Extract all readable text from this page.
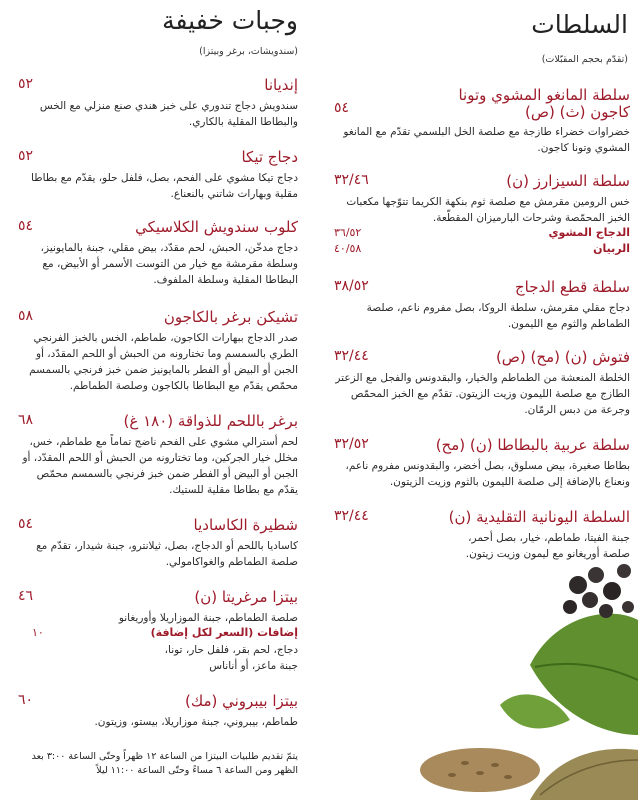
السلطات
(تقدّم بحجم المقبّلات)
سلطة المانغو المشوي وتونا
كاجون (ث) (ص)
٥٤

خضراوات خضراء طازجة مع صلصة الخل البلسمي تقدّم مع المانغو المشوي وتونا كاجون.

سلطة السيزارز (ن)
٣٢/٤٦

خس الرومين مقرمش مع صلصة ثوم بنكهة الكريما تتوّجها مكعبات الخبز المحمّصة وشرحات البارميزان المقطّعة.

الدجاج المشوي
٣٦/٥٢
الربيان
٤٠/٥٨
سلطة قطع الدجاج
٣٨/٥٢

دجاج مقلي مقرمش، سلطة الروكا، بصل مفروم ناعم، صلصة الطماطم والثوم مع الليمون.

فتوش (ن) (مح) (ص)
٣٢/٤٤

الخلطة المنعشة من الطماطم والخيار، والبقدونس والفجل مع الزعتر الطازج مع صلصة الليمون وزيت الزيتون. تقدّم مع الخبز المحمّص وجرعة من دبس الرمّان.

سلطة عربية بالبطاطا (ن) (مح)
٣٢/٥٢

بطاطا صغيرة، بيض مسلوق، بصل أخضر، والبقدونس مفروم ناعم، ونعناع بالإضافة إلى صلصة الليمون بالثوم وزيت الزيتون.

السلطة اليونانية التقليدية (ن)
٣٢/٤٤

جبنة الفيتا، طماطم، خيار، بصل أحمر، صلصة أوريغانو مع ليمون وزيت زيتون.

وجبات خفيفة
(سندويشات، برغر وبيتزا)
إنديانا
٥٢

سندويش دجاج تندوري على خبز هندي صنع منزلي مع الخس والبطاطا المقلية بالكاري.

دجاج تيكا
٥٢

دجاج تيكا مشوي على الفحم، بصل، فلفل حلو، يقدّم مع بطاطا مقلية وبهارات شاتني بالنعناع.

كلوب سندويش الكلاسيكي
٥٤

دجاج مدخّن، الحبش، لحم مقدّد، بيض مقلي، جبنة بالمايونيز، وسلطة مقرمشة مع خيار من التوست الأسمر أو الأبيض، مع البطاطا المقلية وسلطة الملفوف.

تشيكن برغر بالكاجون
٥٨

صدر الدجاج ببهارات الكاجون، طماطم، الخس بالخبز الفرنجي الطري بالسمسم وما تختارونه من الحبش أو اللحم المقدّد، أو الجبن أو البيض أو الفطر بالمايونيز ضمن خبز فرنجي بالسمسم محمّص يقدّم مع البطاطا بالكاجون وصلصة الطماطم.

برغر باللحم للذواقة (١٨٠ غ)
٦٨

لحم أسترالي مشوي على الفحم ناضج تماماً مع طماطم، خس، مخلل خيار الجركين، وما تختارونه من الحبش أو اللحم المقدّد، أو الجبن أو البيض أو الفطر ضمن خبز فرنجي بالسمسم محمّص يقدّم مع بطاطا مقلية للستيك.

شطيرة الكاساديا
٥٤

كاساديا باللحم أو الدجاج، بصل، ثيلانترو، جبنة شيدار، تقدّم مع صلصة الطماطم والغواكامولي.

بيتزا مرغريتا (ن)
٤٦

صلصة الطماطم، جبنة الموزاريلا وأوريغانو

إضافات (السعر لكل إضافة)
١٠

دجاج، لحم بقر، فلفل حار، تونا،

جبنة ماعز، أو أناناس

بيتزا بيبروني (مك)
٦٠

طماطم، بيبروني، جبنة موزاريلا، بيستو، وزيتون.

يتمّ تقديم طلبيات البيتزا من الساعة ١٢ ظهراً وحتّى الساعة ٣:٠٠ بعد الظهر ومن الساعة ٦ مساءً وحتّى الساعة ١١:٠٠ ليلاً
